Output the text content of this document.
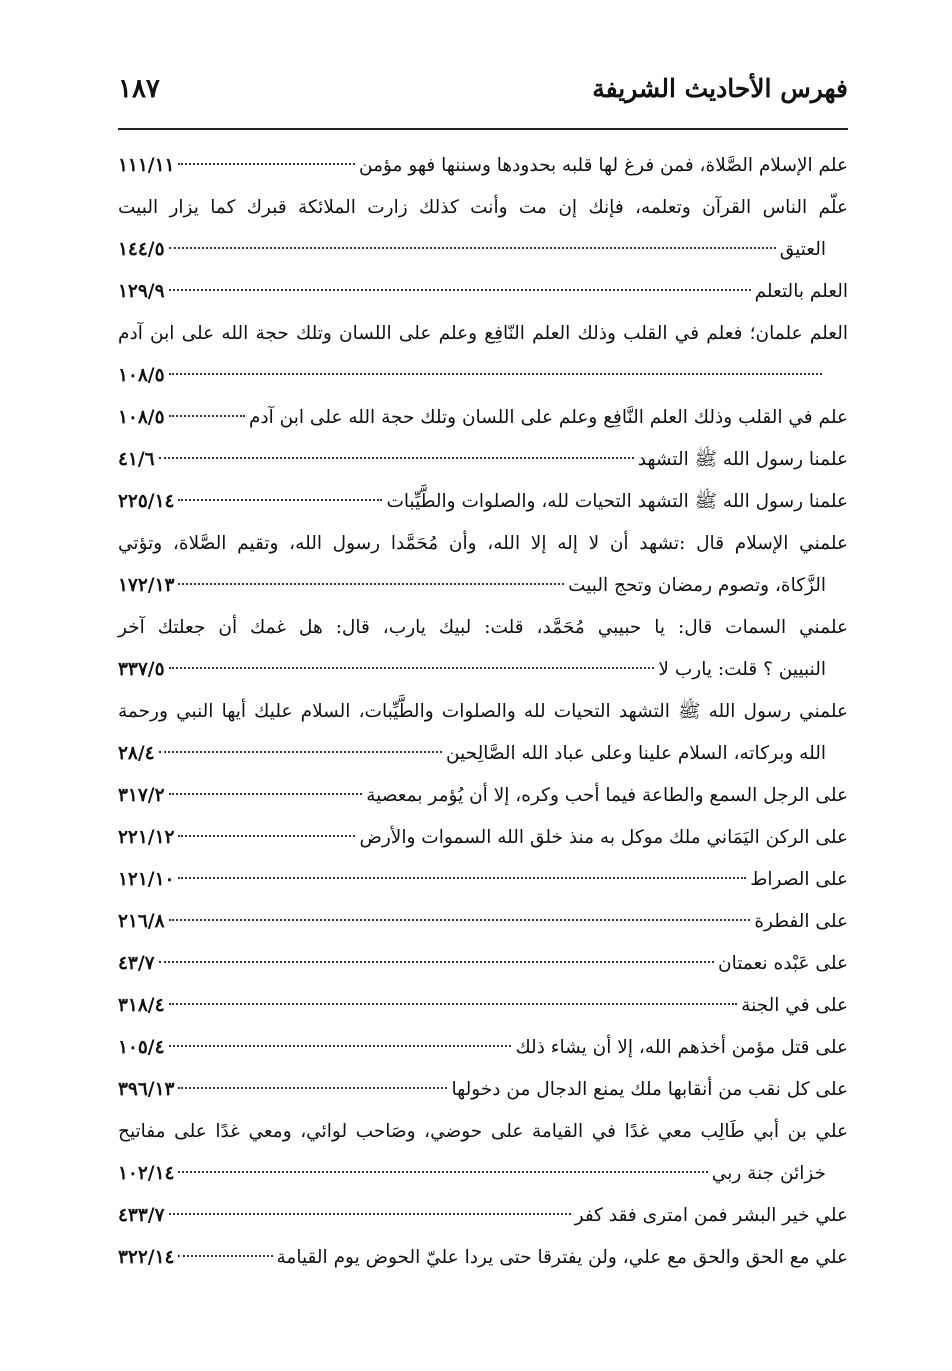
فهرس الأحاديث الشريفة
١٨٧
علم الإسلام الصَّلاة، فمن فرغ لها قلبه بحدودها وسننها فهو مؤمن
١١١/١١
علّم الناس القرآن وتعلمه، فإنك إن مت وأنت كذلك زارت الملائكة قبرك كما يزار البيت
العتيق
١٤٤/٥
العلم بالتعلم
١٢٩/٩
العلم علمان؛ فعلم في القلب وذلك العلم النّافِع وعلم على اللسان وتلك حجة الله على ابن آدم
١٠٨/٥
علم في القلب وذلك العلم النَّافِع وعلم على اللسان وتلك حجة الله على ابن آدم
١٠٨/٥
علمنا رسول الله ﷺ التشهد
٤١/٦
علمنا رسول الله ﷺ التشهد التحيات لله، والصلوات والطَّيِّبات
٢٢٥/١٤
علمني الإسلام قال :تشهد أن لا إله إلا الله، وأن مُحَمَّدا رسول الله، وتقيم الصَّلاة، وتؤتي
الزَّكاة، وتصوم رمضان وتحج البيت
١٧٢/١٣
علمني السمات قال: يا حبيبي مُحَمَّد، قلت: لبيك يارب، قال: هل غمك أن جعلتك آخر
النبيين ؟ قلت: يارب لا
٣٣٧/٥
علمني رسول الله ﷺ التشهد التحيات لله والصلوات والطَّيِّبات، السلام عليك أيها النبي ورحمة
الله وبركاته، السلام علينا وعلى عباد الله الصَّالِحين
٢٨/٤
على الرجل السمع والطاعة فيما أحب وكره، إلا أن يُؤمر بمعصية
٣١٧/٢
على الركن اليَمَاني ملك موكل به منذ خلق الله السموات والأرض
٢٢١/١٢
على الصراط
١٢١/١٠
على الفطرة
٢١٦/٨
على عَبْده نعمتان
٤٣/٧
على في الجنة
٣١٨/٤
على قتل مؤمن أخذهم الله، إلا أن يشاء ذلك
١٠٥/٤
على كل نقب من أنقابها ملك يمنع الدجال من دخولها
٣٩٦/١٣
علي بن أبي طَالِب معي غدًا في القيامة على حوضي، وصَاحب لوائي، ومعي غدًا على مفاتيح
خزائن جنة ربي
١٠٢/١٤
علي خير البشر فمن امترى فقد كفر
٤٣٣/٧
علي مع الحق والحق مع علي، ولن يفترقا حتى يردا عليّ الحوض يوم القيامة
٣٢٢/١٤
